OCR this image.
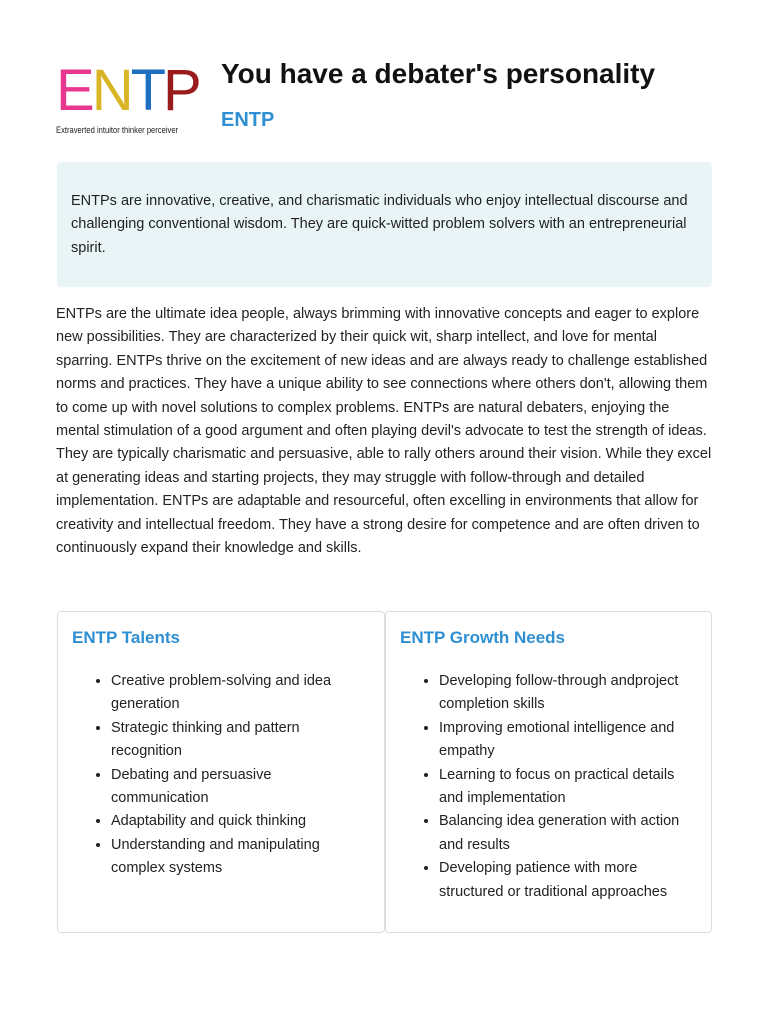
ENTP
Extraverted intuitor thinker perceiver
You have a debater's personality
ENTP
ENTPs are innovative, creative, and charismatic individuals who enjoy intellectual discourse and challenging conventional wisdom. They are quick-witted problem solvers with an entrepreneurial spirit.

ENTPs are the ultimate idea people, always brimming with innovative concepts and eager to explore new possibilities. They are characterized by their quick wit, sharp intellect, and love for mental sparring. ENTPs thrive on the excitement of new ideas and are always ready to challenge established norms and practices. They have a unique ability to see connections where others don't, allowing them to come up with novel solutions to complex problems. ENTPs are natural debaters, enjoying the mental stimulation of a good argument and often playing devil's advocate to test the strength of ideas. They are typically charismatic and persuasive, able to rally others around their vision. While they excel at generating ideas and starting projects, they may struggle with follow-through and detailed implementation. ENTPs are adaptable and resourceful, often excelling in environments that allow for creativity and intellectual freedom. They have a strong desire for competence and are often driven to continuously expand their knowledge and skills.

ENTP Talents
• Creative problem-solving and idea generation
• Strategic thinking and pattern recognition
• Debating and persuasive communication
• Adaptability and quick thinking
• Understanding and manipulating complex systems
ENTP Growth Needs
• Developing follow-through andproject completion skills
• Improving emotional intelligence and empathy
• Learning to focus on practical details and implementation
• Balancing idea generation with action and results
• Developing patience with more structured or traditional approaches
